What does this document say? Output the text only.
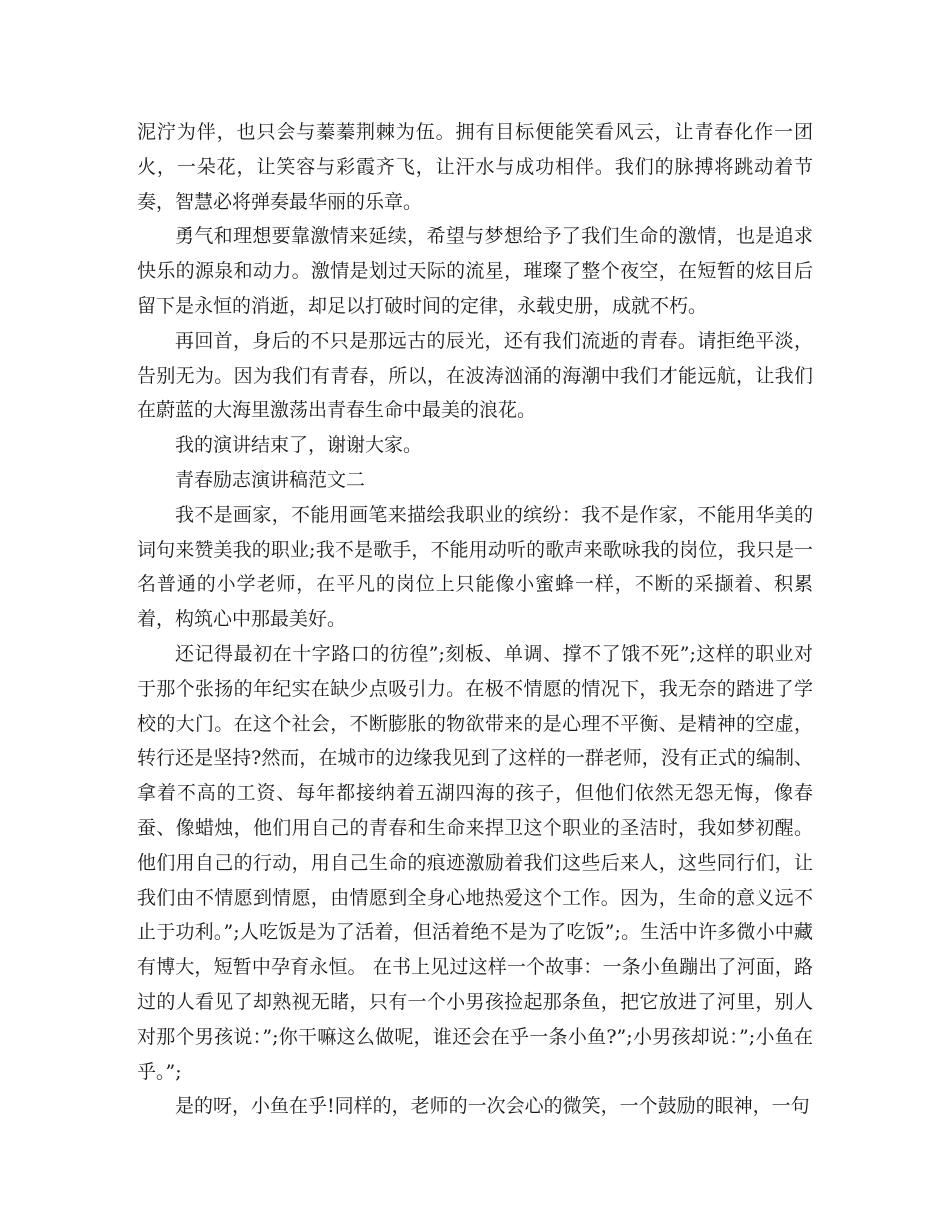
泥泞为伴，也只会与蓁蓁荆棘为伍。拥有目标便能笑看风云，让青春化作一团火，一朵花，让笑容与彩霞齐飞，让汗水与成功相伴。我们的脉搏将跳动着节奏，智慧必将弹奏最华丽的乐章。

勇气和理想要靠激情来延续，希望与梦想给予了我们生命的激情，也是追求快乐的源泉和动力。激情是划过天际的流星，璀璨了整个夜空，在短暂的炫目后留下是永恒的消逝，却足以打破时间的定律，永载史册，成就不朽。

再回首，身后的不只是那远古的辰光，还有我们流逝的青春。请拒绝平淡，告别无为。因为我们有青春，所以，在波涛汹涌的海潮中我们才能远航，让我们在蔚蓝的大海里激荡出青春生命中最美的浪花。

我的演讲结束了，谢谢大家。

青春励志演讲稿范文二

我不是画家，不能用画笔来描绘我职业的缤纷：我不是作家，不能用华美的词句来赞美我的职业;我不是歌手，不能用动听的歌声来歌咏我的岗位，我只是一名普通的小学老师，在平凡的岗位上只能像小蜜蜂一样，不断的采撷着、积累着，构筑心中那最美好。

还记得最初在十字路口的彷徨”;刻板、单调、撑不了饿不死”;这样的职业对于那个张扬的年纪实在缺少点吸引力。在极不情愿的情况下，我无奈的踏进了学校的大门。在这个社会，不断膨胀的物欲带来的是心理不平衡、是精神的空虚，转行还是坚持?然而，在城市的边缘我见到了这样的一群老师，没有正式的编制、拿着不高的工资、每年都接纳着五湖四海的孩子，但他们依然无怨无悔，像春蚕、像蜡烛，他们用自己的青春和生命来捍卫这个职业的圣洁时，我如梦初醒。他们用自己的行动，用自己生命的痕迹激励着我们这些后来人，这些同行们，让我们由不情愿到情愿，由情愿到全身心地热爱这个工作。因为，生命的意义远不止于功利。”;人吃饭是为了活着，但活着绝不是为了吃饭”;。生活中许多微小中藏有博大，短暂中孕育永恒。 在书上见过这样一个故事：一条小鱼蹦出了河面，路过的人看见了却熟视无睹，只有一个小男孩捡起那条鱼，把它放进了河里，别人对那个男孩说：”;你干嘛这么做呢，谁还会在乎一条小鱼?”;小男孩却说：”;小鱼在乎。”;

是的呀，小鱼在乎!同样的，老师的一次会心的微笑，一个鼓励的眼神，一句
